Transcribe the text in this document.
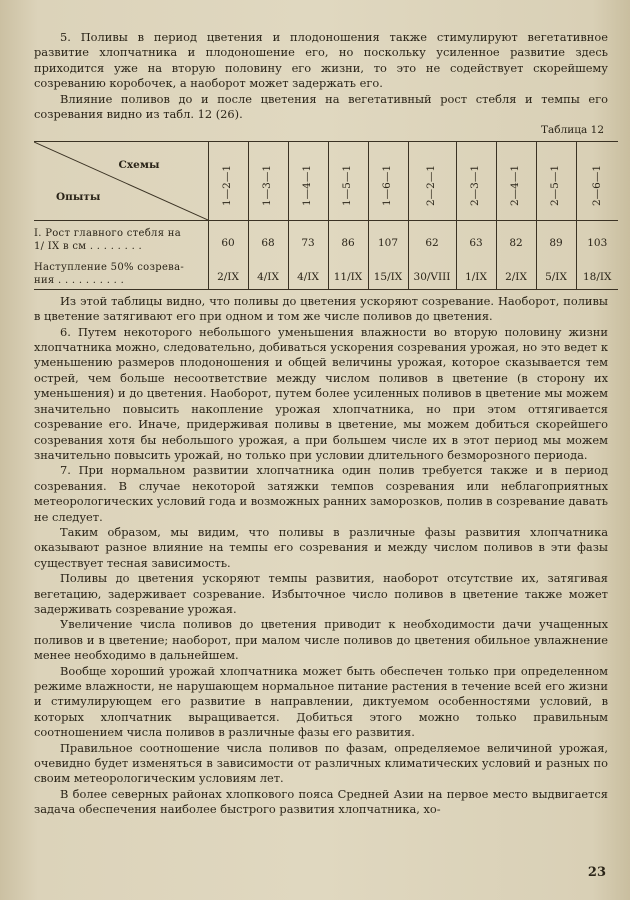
5. Поливы в период цветения и плодоношения также стимулируют вегетативное развитие хлопчатника и плодоношение его, но поскольку усиленное развитие здесь приходится уже на вторую половину его жизни, то это не содействует скорейшему созреванию коробочек, а наоборот может задержать его.

Влияние поливов до и после цветения на вегетативный рост стебля и темпы его созревания видно из табл. 12 (26).

Таблица 12
Схемы
Опыты	1—2—1	1—3—1	1—4—1	1—5—1	1—6—1	2—2—1	2—3—1	2—4—1	2—5—1	2—6—1
I. Рост главного стебля на
1/ IX в см . . . . . . . .	60	68	73	86	107	62	63	82	89	103
Наступление 50% созрева-
ния . . . . . . . . . .	2/IX	4/IX	4/IX	11/IX	15/IX	30/VIII	1/IX	2/IX	5/IX	18/IX

Из этой таблицы видно, что поливы до цветения ускоряют созревание. Наоборот, поливы в цветение затягивают его при одном и том же числе поливов до цветения.

6. Путем некоторого небольшого уменьшения влажности во вторую половину жизни хлопчатника можно, следовательно, добиваться ускорения созревания урожая, но это ведет к уменьшению размеров плодоношения и общей величины урожая, которое сказывается тем острей, чем больше несоответствие между числом поливов в цветение (в сторону их уменьшения) и до цветения. Наоборот, путем более усиленных поливов в цветение мы можем значительно повысить накопление урожая хлопчатника, но при этом оттягивается созревание его. Иначе, придерживая поливы в цветение, мы можем добиться скорейшего созревания хотя бы небольшого урожая, а при большем числе их в этот период мы можем значительно повысить урожай, но только при условии длительного безморозного периода.

7. При нормальном развитии хлопчатника один полив требуется также и в период созревания. В случае некоторой затяжки темпов созревания или неблагоприятных метеорологических условий года и возможных ранних заморозков, полив в созревание давать не следует.

Таким образом, мы видим, что поливы в различные фазы развития хлопчатника оказывают разное влияние на темпы его созревания и между числом поливов в эти фазы существует тесная зависимость.

Поливы до цветения ускоряют темпы развития, наоборот отсутствие их, затягивая вегетацию, задерживает созревание. Избыточное число поливов в цветение также может задерживать созревание урожая.

Увеличение числа поливов до цветения приводит к необходимости дачи учащенных поливов и в цветение; наоборот, при малом числе поливов до цветения обильное увлажнение менее необходимо в дальнейшем.

Вообще хороший урожай хлопчатника может быть обеспечен только при определенном режиме влажности, не нарушающем нормальное питание растения в течение всей его жизни и стимулирующем его развитие в направлении, диктуемом особенностями условий, в которых хлопчатник выращивается. Добиться этого можно только правильным соотношением числа поливов в различные фазы его развития.

Правильное соотношение числа поливов по фазам, определяемое величиной урожая, очевидно будет изменяться в зависимости от различных климатических условий и разных по своим метеорологическим условиям лет.

В более северных районах хлопкового пояса Средней Азии на первое место выдвигается задача обеспечения наиболее быстрого развития хлопчатника, хо-

23
